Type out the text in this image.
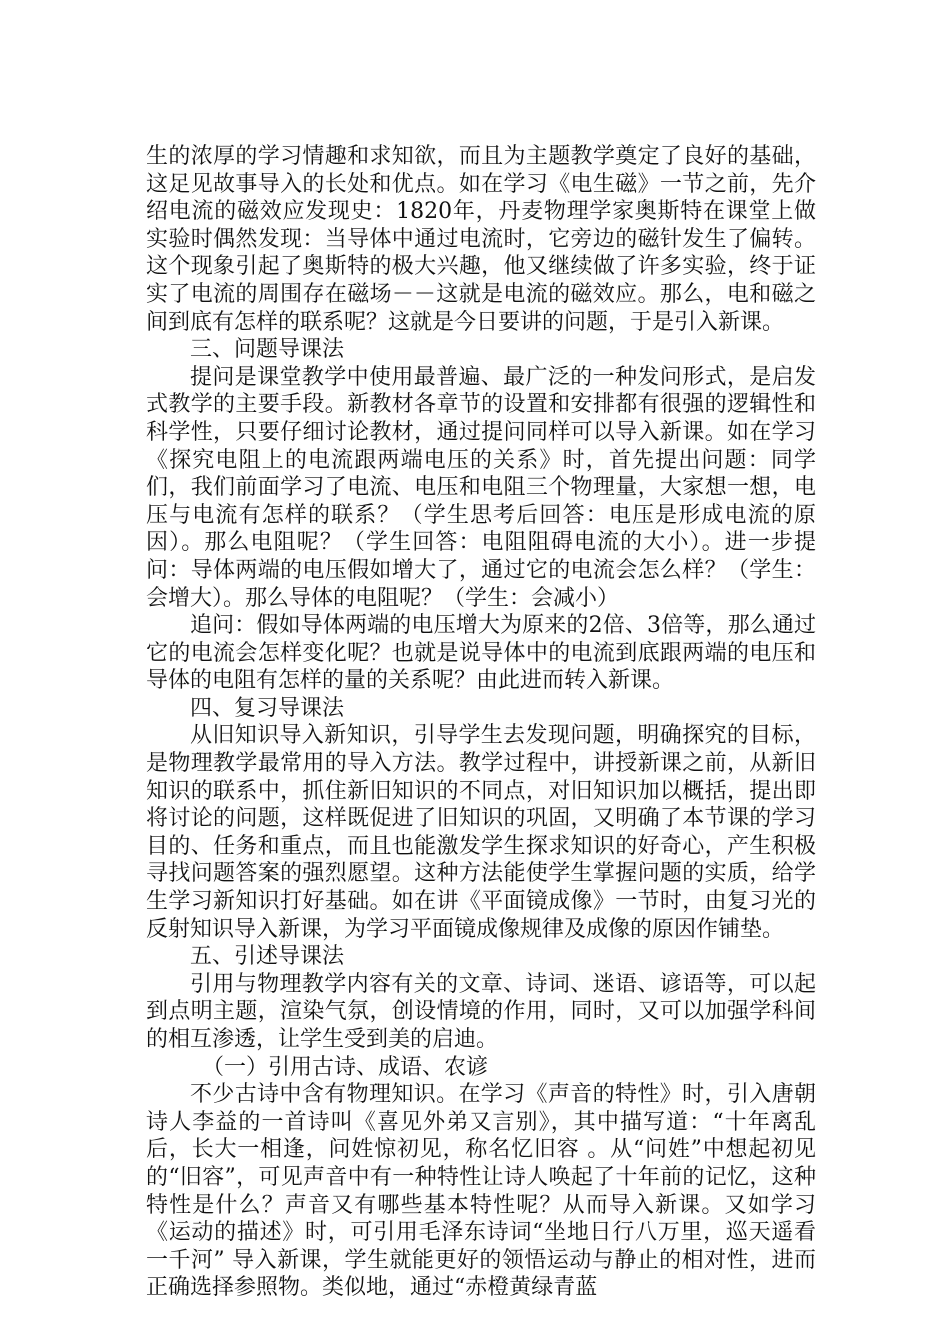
生的浓厚的学习情趣和求知欲，而且为主题教学奠定了良好的基础，这足见故事导入的长处和优点。如在学习《电生磁》一节之前，先介绍电流的磁效应发现史：1820年，丹麦物理学家奥斯特在课堂上做实验时偶然发现：当导体中通过电流时，它旁边的磁针发生了偏转。这个现象引起了奥斯特的极大兴趣，他又继续做了许多实验，终于证实了电流的周围存在磁场－－这就是电流的磁效应。那么，电和磁之间到底有怎样的联系呢？这就是今日要讲的问题，于是引入新课。

三、问题导课法

提问是课堂教学中使用最普遍、最广泛的一种发问形式，是启发式教学的主要手段。新教材各章节的设置和安排都有很强的逻辑性和科学性，只要仔细讨论教材，通过提问同样可以导入新课。如在学习《探究电阻上的电流跟两端电压的关系》时，首先提出问题：同学们，我们前面学习了电流、电压和电阻三个物理量，大家想一想，电压与电流有怎样的联系？（学生思考后回答：电压是形成电流的原因）。那么电阻呢？（学生回答：电阻阻碍电流的大小）。进一步提问：导体两端的电压假如增大了，通过它的电流会怎么样？（学生：会增大）。那么导体的电阻呢？（学生：会减小）

追问：假如导体两端的电压增大为原来的2倍、3倍等，那么通过它的电流会怎样变化呢？也就是说导体中的电流到底跟两端的电压和导体的电阻有怎样的量的关系呢？由此进而转入新课。

四、复习导课法

从旧知识导入新知识，引导学生去发现问题，明确探究的目标，是物理教学最常用的导入方法。教学过程中，讲授新课之前，从新旧知识的联系中，抓住新旧知识的不同点，对旧知识加以概括，提出即将讨论的问题，这样既促进了旧知识的巩固，又明确了本节课的学习目的、任务和重点，而且也能激发学生探求知识的好奇心，产生积极寻找问题答案的强烈愿望。这种方法能使学生掌握问题的实质，给学生学习新知识打好基础。如在讲《平面镜成像》一节时，由复习光的反射知识导入新课，为学习平面镜成像规律及成像的原因作铺垫。

五、引述导课法

引用与物理教学内容有关的文章、诗词、迷语、谚语等，可以起到点明主题，渲染气氛，创设情境的作用，同时，又可以加强学科间的相互渗透，让学生受到美的启迪。

（一）引用古诗、成语、农谚

不少古诗中含有物理知识。在学习《声音的特性》时，引入唐朝诗人李益的一首诗叫《喜见外弟又言别》，其中描写道：“十年离乱后，长大一相逢，问姓惊初见，称名忆旧容 。从“问姓”中想起初见的“旧容”，可见声音中有一种特性让诗人唤起了十年前的记忆，这种特性是什么？声音又有哪些基本特性呢？从而导入新课。又如学习《运动的描述》时，可引用毛泽东诗词“坐地日行八万里，巡天遥看一千河” 导入新课，学生就能更好的领悟运动与静止的相对性，进而正确选择参照物。类似地，通过“赤橙黄绿青蓝
